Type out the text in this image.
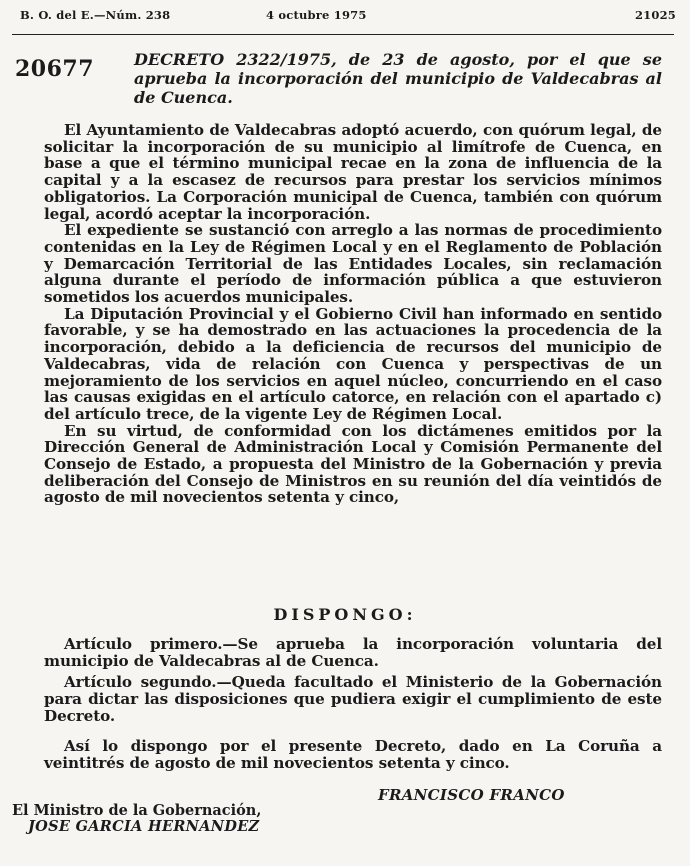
B. O. del E.—Núm. 238	4 octubre 1975	21025
20677 DECRETO 2322/1975, de 23 de agosto, por el que se aprueba la incorporación del municipio de Valdecabras al de Cuenca.

El Ayuntamiento de Valdecabras adoptó acuerdo, con quórum legal, de solicitar la incorporación de su municipio al limítrofe de Cuenca, en base a que el término municipal recae en la zona de influencia de la capital y a la escasez de recursos para prestar los servicios mínimos obligatorios. La Corporación municipal de Cuenca, también con quórum legal, acordó aceptar la incorporación.

El expediente se sustanció con arreglo a las normas de procedimiento contenidas en la Ley de Régimen Local y en el Reglamento de Población y Demarcación Territorial de las Entidades Locales, sin reclamación alguna durante el período de información pública a que estuvieron sometidos los acuerdos municipales.

La Diputación Provincial y el Gobierno Civil han informado en sentido favorable, y se ha demostrado en las actuaciones la procedencia de la incorporación, debido a la deficiencia de recursos del municipio de Valdecabras, vida de relación con Cuenca y perspectivas de un mejoramiento de los servicios en aquel núcleo, concurriendo en el caso las causas exigidas en el artículo catorce, en relación con el apartado c) del artículo trece, de la vigente Ley de Régimen Local.

En su virtud, de conformidad con los dictámenes emitidos por la Dirección General de Administración Local y Comisión Permanente del Consejo de Estado, a propuesta del Ministro de la Gobernación y previa deliberación del Consejo de Ministros en su reunión del día veintidós de agosto de mil novecientos setenta y cinco,

DISPONGO:

Artículo primero.—Se aprueba la incorporación voluntaria del municipio de Valdecabras al de Cuenca.

Artículo segundo.—Queda facultado el Ministerio de la Gobernación para dictar las disposiciones que pudiera exigir el cumplimiento de este Decreto.

Así lo dispongo por el presente Decreto, dado en La Coruña a veintitrés de agosto de mil novecientos setenta y cinco.

FRANCISCO FRANCO
El Ministro de la Gobernación,
JOSE GARCIA HERNANDEZ
